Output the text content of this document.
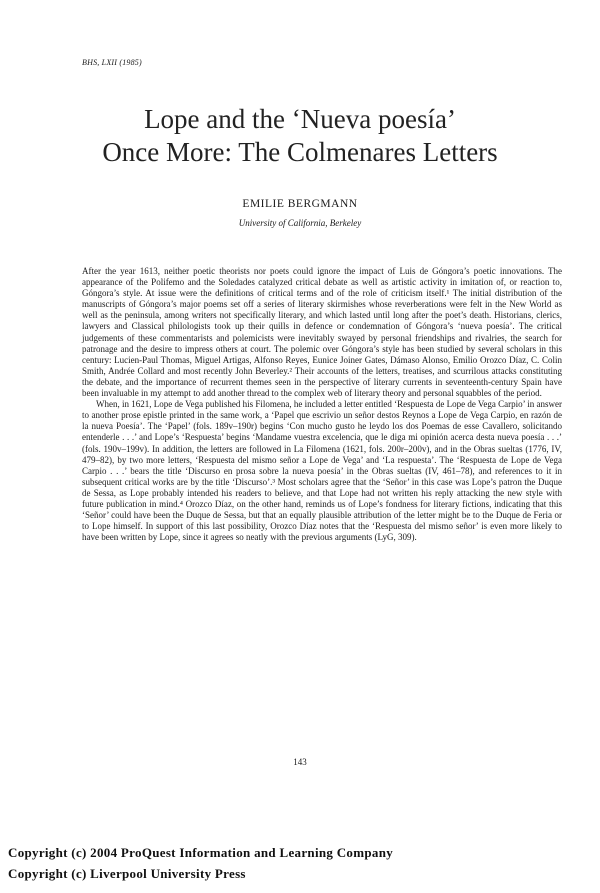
BHS, LXII (1985)
Lope and the ‘Nueva poesía’
Once More: The Colmenares Letters
EMILIE BERGMANN
University of California, Berkeley

After the year 1613, neither poetic theorists nor poets could ignore the impact of Luis de Góngora’s poetic innovations. The appearance of the Polifemo and the Soledades catalyzed critical debate as well as artistic activity in imitation of, or reaction to, Góngora’s style. At issue were the definitions of critical terms and of the role of criticism itself.¹ The initial distribution of the manuscripts of Góngora’s major poems set off a series of literary skirmishes whose reverberations were felt in the New World as well as the peninsula, among writers not specifically literary, and which lasted until long after the poet’s death. Historians, clerics, lawyers and Classical philologists took up their quills in defence or condemnation of Góngora’s ‘nueva poesía’. The critical judgements of these commentarists and polemicists were inevitably swayed by personal friendships and rivalries, the search for patronage and the desire to impress others at court. The polemic over Góngora’s style has been studied by several scholars in this century: Lucien-Paul Thomas, Miguel Artigas, Alfonso Reyes, Eunice Joiner Gates, Dámaso Alonso, Emilio Orozco Díaz, C. Colin Smith, Andrée Collard and most recently John Beverley.² Their accounts of the letters, treatises, and scurrilous attacks constituting the debate, and the importance of recurrent themes seen in the perspective of literary currents in seventeenth-century Spain have been invaluable in my attempt to add another thread to the complex web of literary theory and personal squabbles of the period.

When, in 1621, Lope de Vega published his Filomena, he included a letter entitled ‘Respuesta de Lope de Vega Carpio’ in answer to another prose epistle printed in the same work, a ‘Papel que escrivio un señor destos Reynos a Lope de Vega Carpio, en razón de la nueva Poesía’. The ‘Papel’ (fols. 189v–190r) begins ‘Con mucho gusto he leydo los dos Poemas de esse Cavallero, solicitando entenderle . . .’ and Lope’s ‘Respuesta’ begins ‘Mandame vuestra excelencia, que le diga mi opinión acerca desta nueva poesía . . .’ (fols. 190v–199v). In addition, the letters are followed in La Filomena (1621, fols. 200r–200v), and in the Obras sueltas (1776, IV, 479–82), by two more letters, ‘Respuesta del mismo señor a Lope de Vega’ and ‘La respuesta’. The ‘Respuesta de Lope de Vega Carpio . . .’ bears the title ‘Discurso en prosa sobre la nueva poesía’ in the Obras sueltas (IV, 461–78), and references to it in subsequent critical works are by the title ‘Discurso’.³ Most scholars agree that the ‘Señor’ in this case was Lope’s patron the Duque de Sessa, as Lope probably intended his readers to believe, and that Lope had not written his reply attacking the new style with future publication in mind.⁴ Orozco Díaz, on the other hand, reminds us of Lope’s fondness for literary fictions, indicating that this ‘Señor’ could have been the Duque de Sessa, but that an equally plausible attribution of the letter might be to the Duque de Feria or to Lope himself. In support of this last possibility, Orozco Díaz notes that the ‘Respuesta del mismo señor’ is even more likely to have been written by Lope, since it agrees so neatly with the previous arguments (LyG, 309).

143
Copyright (c) 2004 ProQuest Information and Learning Company
Copyright (c) Liverpool University Press
